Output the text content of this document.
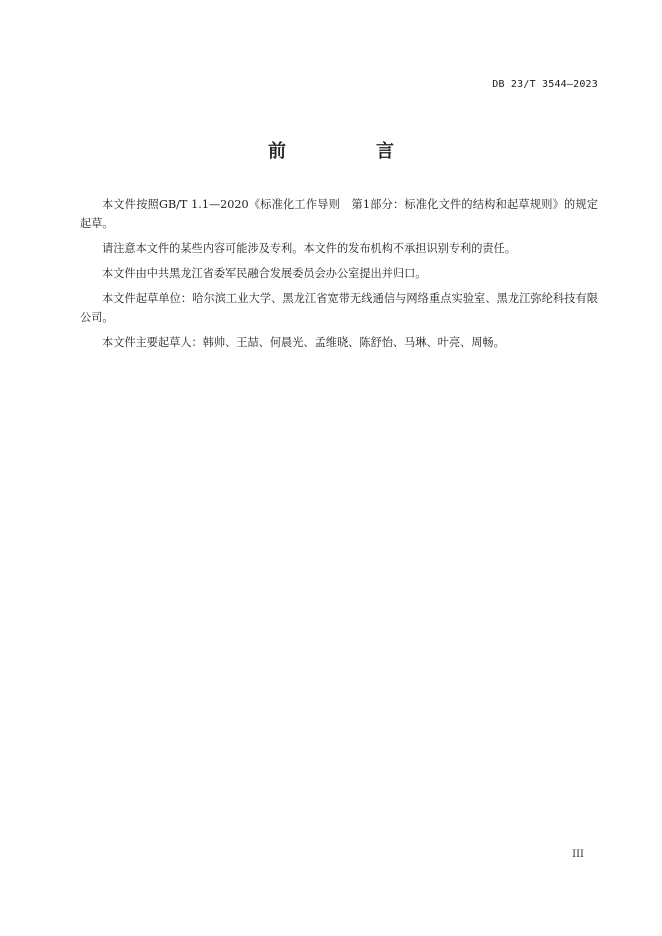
DB 23/T 3544—2023
前　言

本文件按照GB/T 1.1—2020《标准化工作导则　第1部分：标准化文件的结构和起草规则》的规定起草。

请注意本文件的某些内容可能涉及专利。本文件的发布机构不承担识别专利的责任。

本文件由中共黑龙江省委军民融合发展委员会办公室提出并归口。

本文件起草单位：哈尔滨工业大学、黑龙江省宽带无线通信与网络重点实验室、黑龙江弥纶科技有限公司。

本文件主要起草人：韩帅、王喆、何晨光、孟维晓、陈舒怡、马琳、叶亮、周畅。

III
